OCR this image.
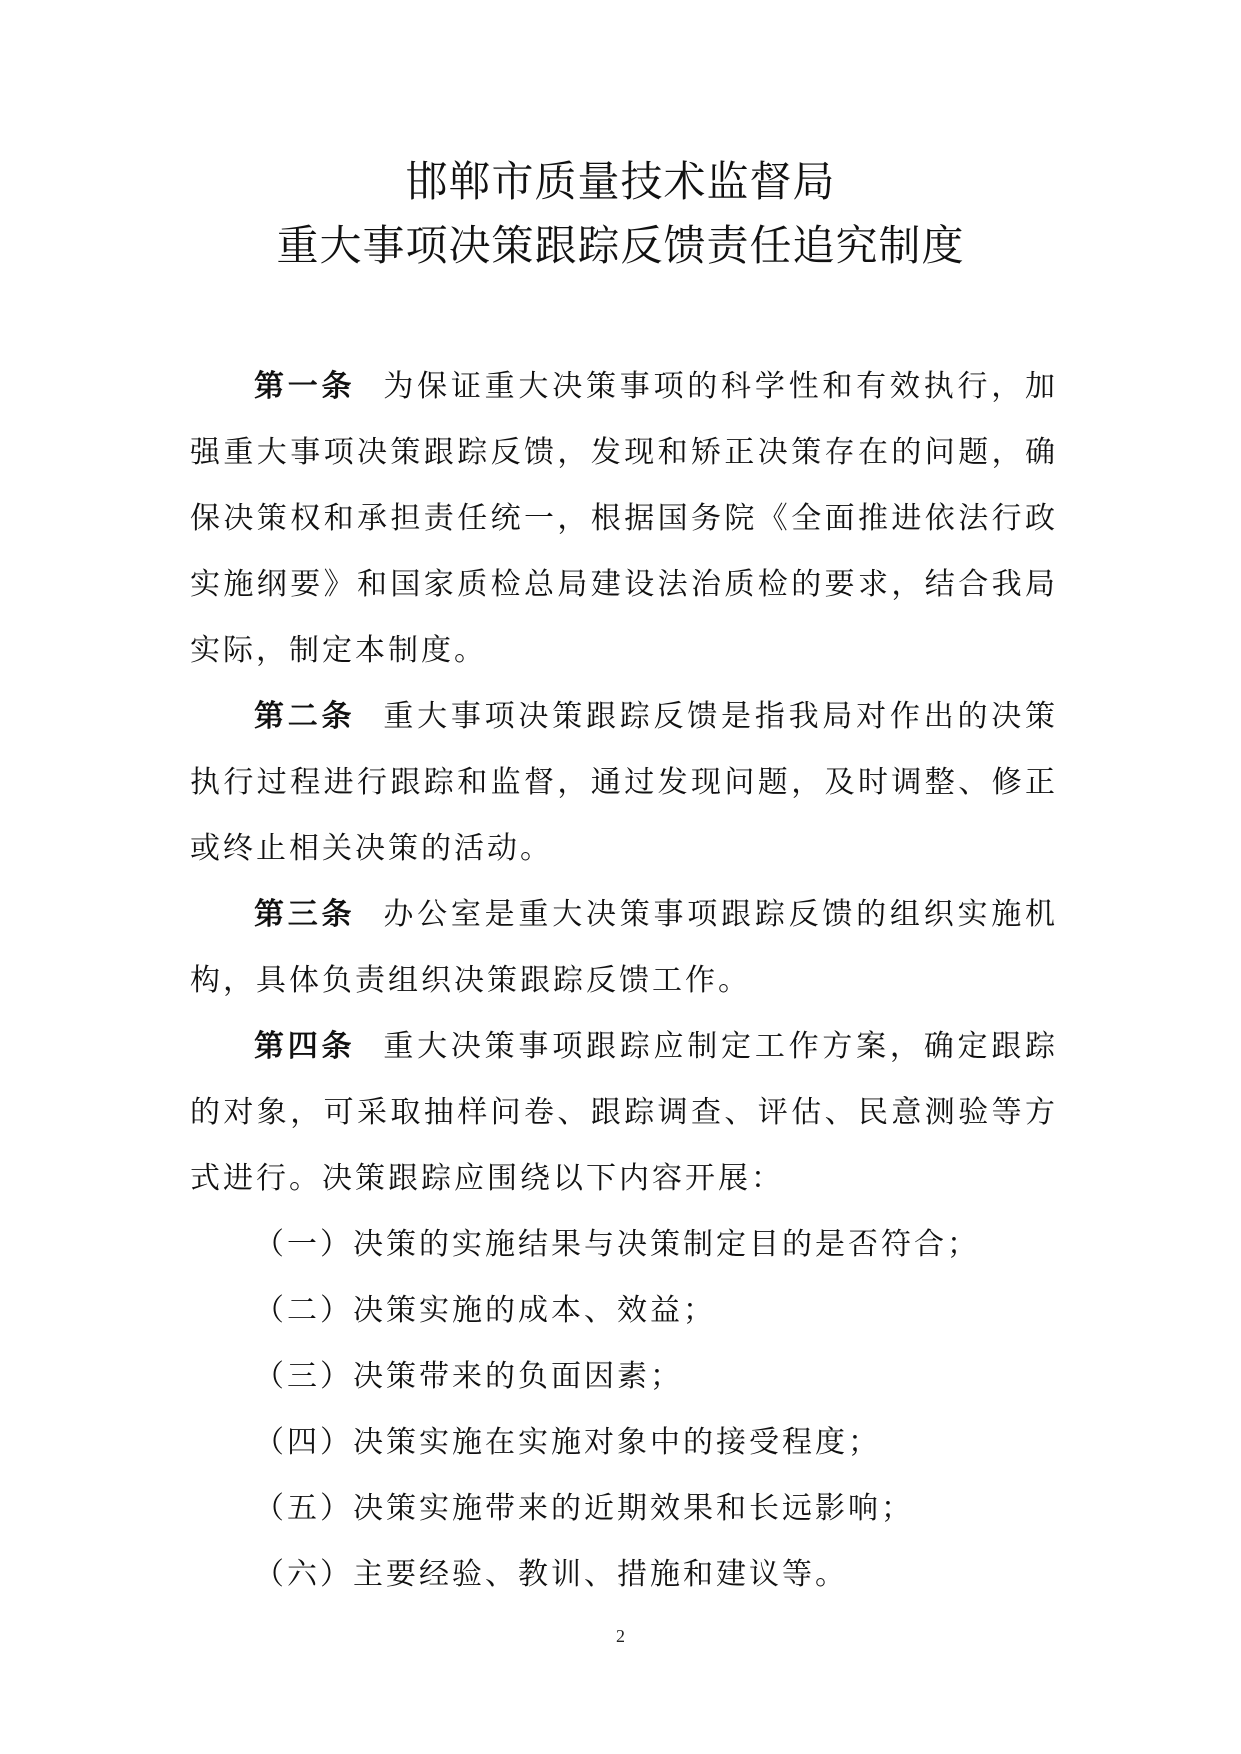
邯郸市质量技术监督局
重大事项决策跟踪反馈责任追究制度

第一条 为保证重大决策事项的科学性和有效执行，加强重大事项决策跟踪反馈，发现和矫正决策存在的问题，确保决策权和承担责任统一，根据国务院《全面推进依法行政实施纲要》和国家质检总局建设法治质检的要求，结合我局实际，制定本制度。

第二条 重大事项决策跟踪反馈是指我局对作出的决策执行过程进行跟踪和监督，通过发现问题，及时调整、修正或终止相关决策的活动。

第三条 办公室是重大决策事项跟踪反馈的组织实施机构，具体负责组织决策跟踪反馈工作。

第四条 重大决策事项跟踪应制定工作方案，确定跟踪的对象，可采取抽样问卷、跟踪调查、评估、民意测验等方式进行。决策跟踪应围绕以下内容开展：

（一）决策的实施结果与决策制定目的是否符合；

（二）决策实施的成本、效益；

（三）决策带来的负面因素；

（四）决策实施在实施对象中的接受程度；

（五）决策实施带来的近期效果和长远影响；

（六）主要经验、教训、措施和建议等。

2
